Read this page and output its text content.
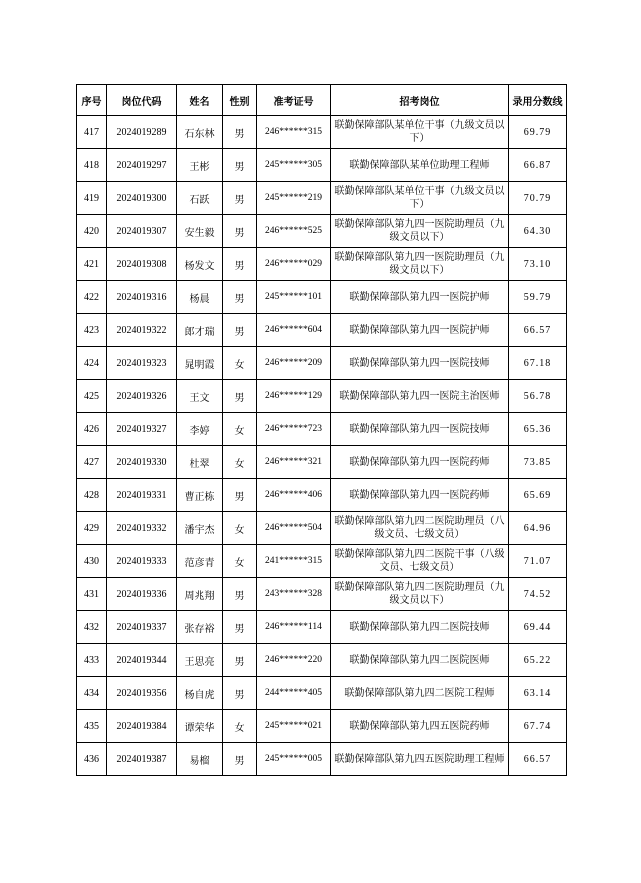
序号	岗位代码	姓名	性别	准考证号	招考岗位	录用分数线
417	2024019289	石东林	男	246******315	联勤保障部队某单位干事（九级文员以下）	69.79
418	2024019297	王彬	男	245******305	联勤保障部队某单位助理工程师	66.87
419	2024019300	石跃	男	245******219	联勤保障部队某单位干事（九级文员以下）	70.79
420	2024019307	安生毅	男	246******525	联勤保障部队第九四一医院助理员（九级文员以下）	64.30
421	2024019308	杨发文	男	246******029	联勤保障部队第九四一医院助理员（九级文员以下）	73.10
422	2024019316	杨晨	男	245******101	联勤保障部队第九四一医院护师	59.79
423	2024019322	郎才瑞	男	246******604	联勤保障部队第九四一医院护师	66.57
424	2024019323	晁明霞	女	246******209	联勤保障部队第九四一医院技师	67.18
425	2024019326	王文	男	246******129	联勤保障部队第九四一医院主治医师	56.78
426	2024019327	李婷	女	246******723	联勤保障部队第九四一医院技师	65.36
427	2024019330	杜翠	女	246******321	联勤保障部队第九四一医院药师	73.85
428	2024019331	曹正栋	男	246******406	联勤保障部队第九四一医院药师	65.69
429	2024019332	潘宇杰	女	246******504	联勤保障部队第九四二医院助理员（八级文员、七级文员）	64.96
430	2024019333	范彦青	女	241******315	联勤保障部队第九四二医院干事（八级文员、七级文员）	71.07
431	2024019336	周兆翔	男	243******328	联勤保障部队第九四二医院助理员（九级文员以下）	74.52
432	2024019337	张存裕	男	246******114	联勤保障部队第九四二医院技师	69.44
433	2024019344	王思亮	男	246******220	联勤保障部队第九四二医院医师	65.22
434	2024019356	杨自虎	男	244******405	联勤保障部队第九四二医院工程师	63.14
435	2024019384	谭荣华	女	245******021	联勤保障部队第九四五医院药师	67.74
436	2024019387	易榴	男	245******005	联勤保障部队第九四五医院助理工程师	66.57
